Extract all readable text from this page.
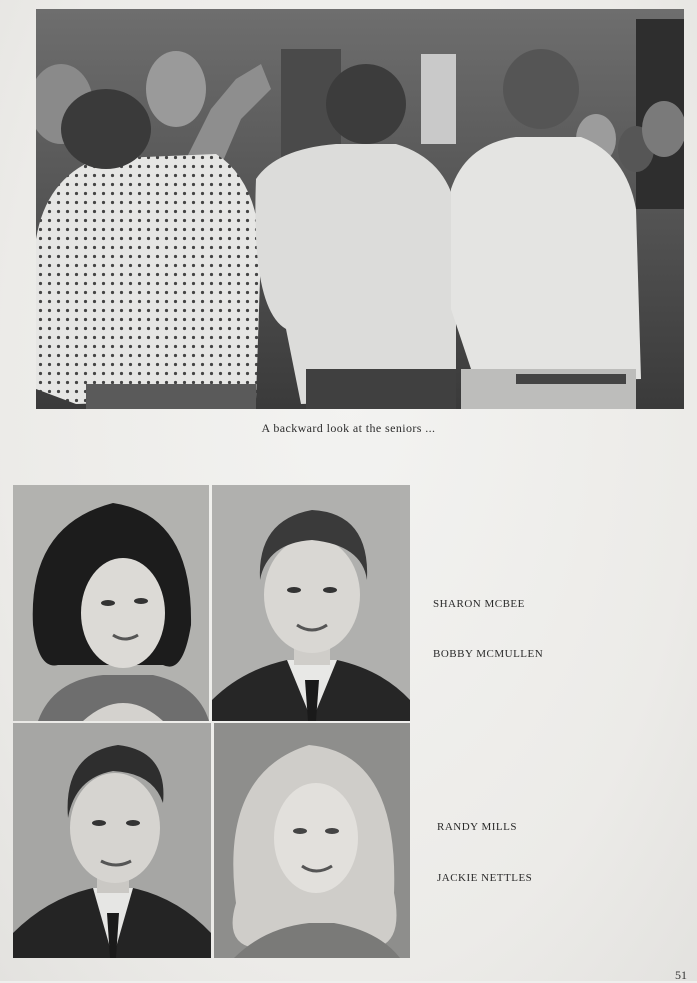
A backward look at the seniors ...
SHARON MCBEE
BOBBY MCMULLEN
RANDY MILLS
JACKIE NETTLES
51
